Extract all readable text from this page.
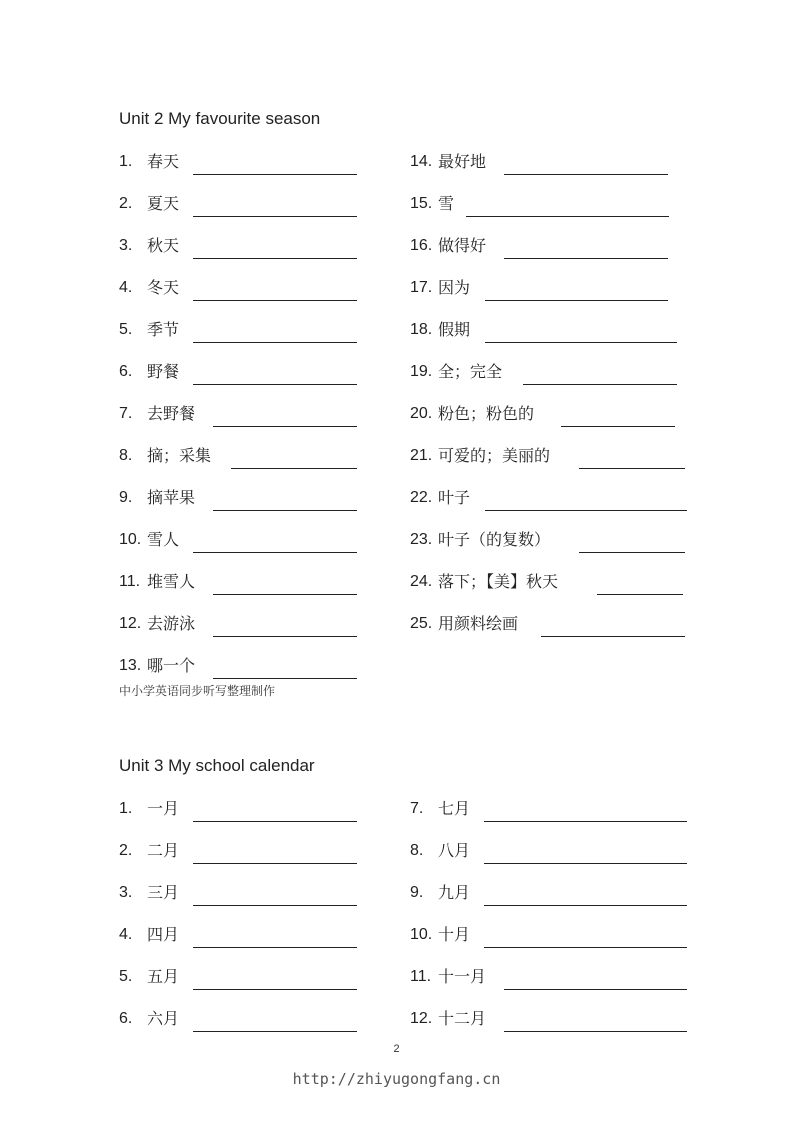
Unit 2 My favourite season
1. 春天
2. 夏天
3. 秋天
4. 冬天
5. 季节
6. 野餐
7. 去野餐
8. 摘；采集
9. 摘苹果
10. 雪人
11. 堆雪人
12. 去游泳
13. 哪一个
14. 最好地
15. 雪
16. 做得好
17. 因为
18. 假期
19. 全；完全
20. 粉色；粉色的
21. 可爱的；美丽的
22. 叶子
23. 叶子（的复数）
24. 落下；【美】秋天
25. 用颜料绘画
中小学英语同步听写整理制作
Unit 3 My school calendar
1. 一月
2. 二月
3. 三月
4. 四月
5. 五月
6. 六月
7. 七月
8. 八月
9. 九月
10. 十月
11. 十一月
12. 十二月
2
http://zhiyugongfang.cn
